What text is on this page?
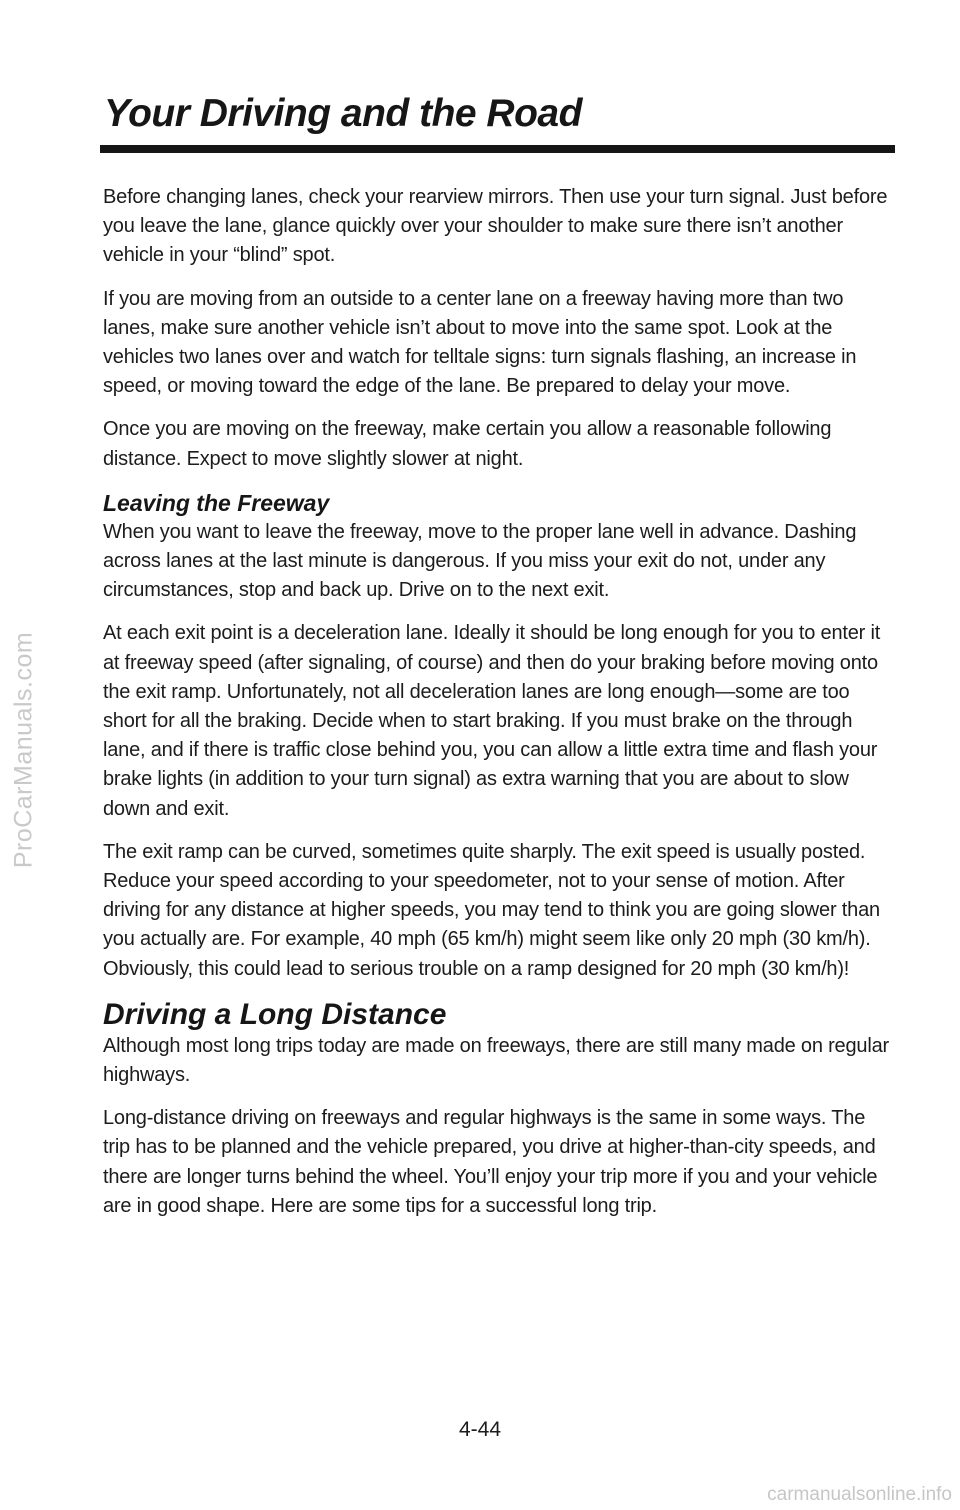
ProCarManuals.com
Your Driving and the Road

Before changing lanes, check your rearview mirrors. Then use your turn signal. Just before you leave the lane, glance quickly over your shoulder to make sure there isn’t another vehicle in your “blind” spot.

If you are moving from an outside to a center lane on a freeway having more than two lanes, make sure another vehicle isn’t about to move into the same spot. Look at the vehicles two lanes over and watch for telltale signs: turn signals flashing, an increase in speed, or moving toward the edge of the lane. Be prepared to delay your move.

Once you are moving on the freeway, make certain you allow a reasonable following distance. Expect to move slightly slower at night.

Leaving the Freeway

When you want to leave the freeway, move to the proper lane well in advance. Dashing across lanes at the last minute is dangerous. If you miss your exit do not, under any circumstances, stop and back up. Drive on to the next exit.

At each exit point is a deceleration lane. Ideally it should be long enough for you to enter it at freeway speed (after signaling, of course) and then do your braking before moving onto the exit ramp. Unfortunately, not all deceleration lanes are long enough—some are too short for all the braking. Decide when to start braking. If you must brake on the through lane, and if there is traffic close behind you, you can allow a little extra time and flash your brake lights (in addition to your turn signal) as extra warning that you are about to slow down and exit.

The exit ramp can be curved, sometimes quite sharply. The exit speed is usually posted. Reduce your speed according to your speedometer, not to your sense of motion. After driving for any distance at higher speeds, you may tend to think you are going slower than you actually are. For example, 40 mph (65 km/h) might seem like only 20 mph (30 km/h). Obviously, this could lead to serious trouble on a ramp designed for 20 mph (30 km/h)!

Driving a Long Distance

Although most long trips today are made on freeways, there are still many made on regular highways.

Long-distance driving on freeways and regular highways is the same in some ways. The trip has to be planned and the vehicle prepared, you drive at higher-than-city speeds, and there are longer turns behind the wheel. You’ll enjoy your trip more if you and your vehicle are in good shape. Here are some tips for a successful long trip.

4-44
carmanualsonline.info
